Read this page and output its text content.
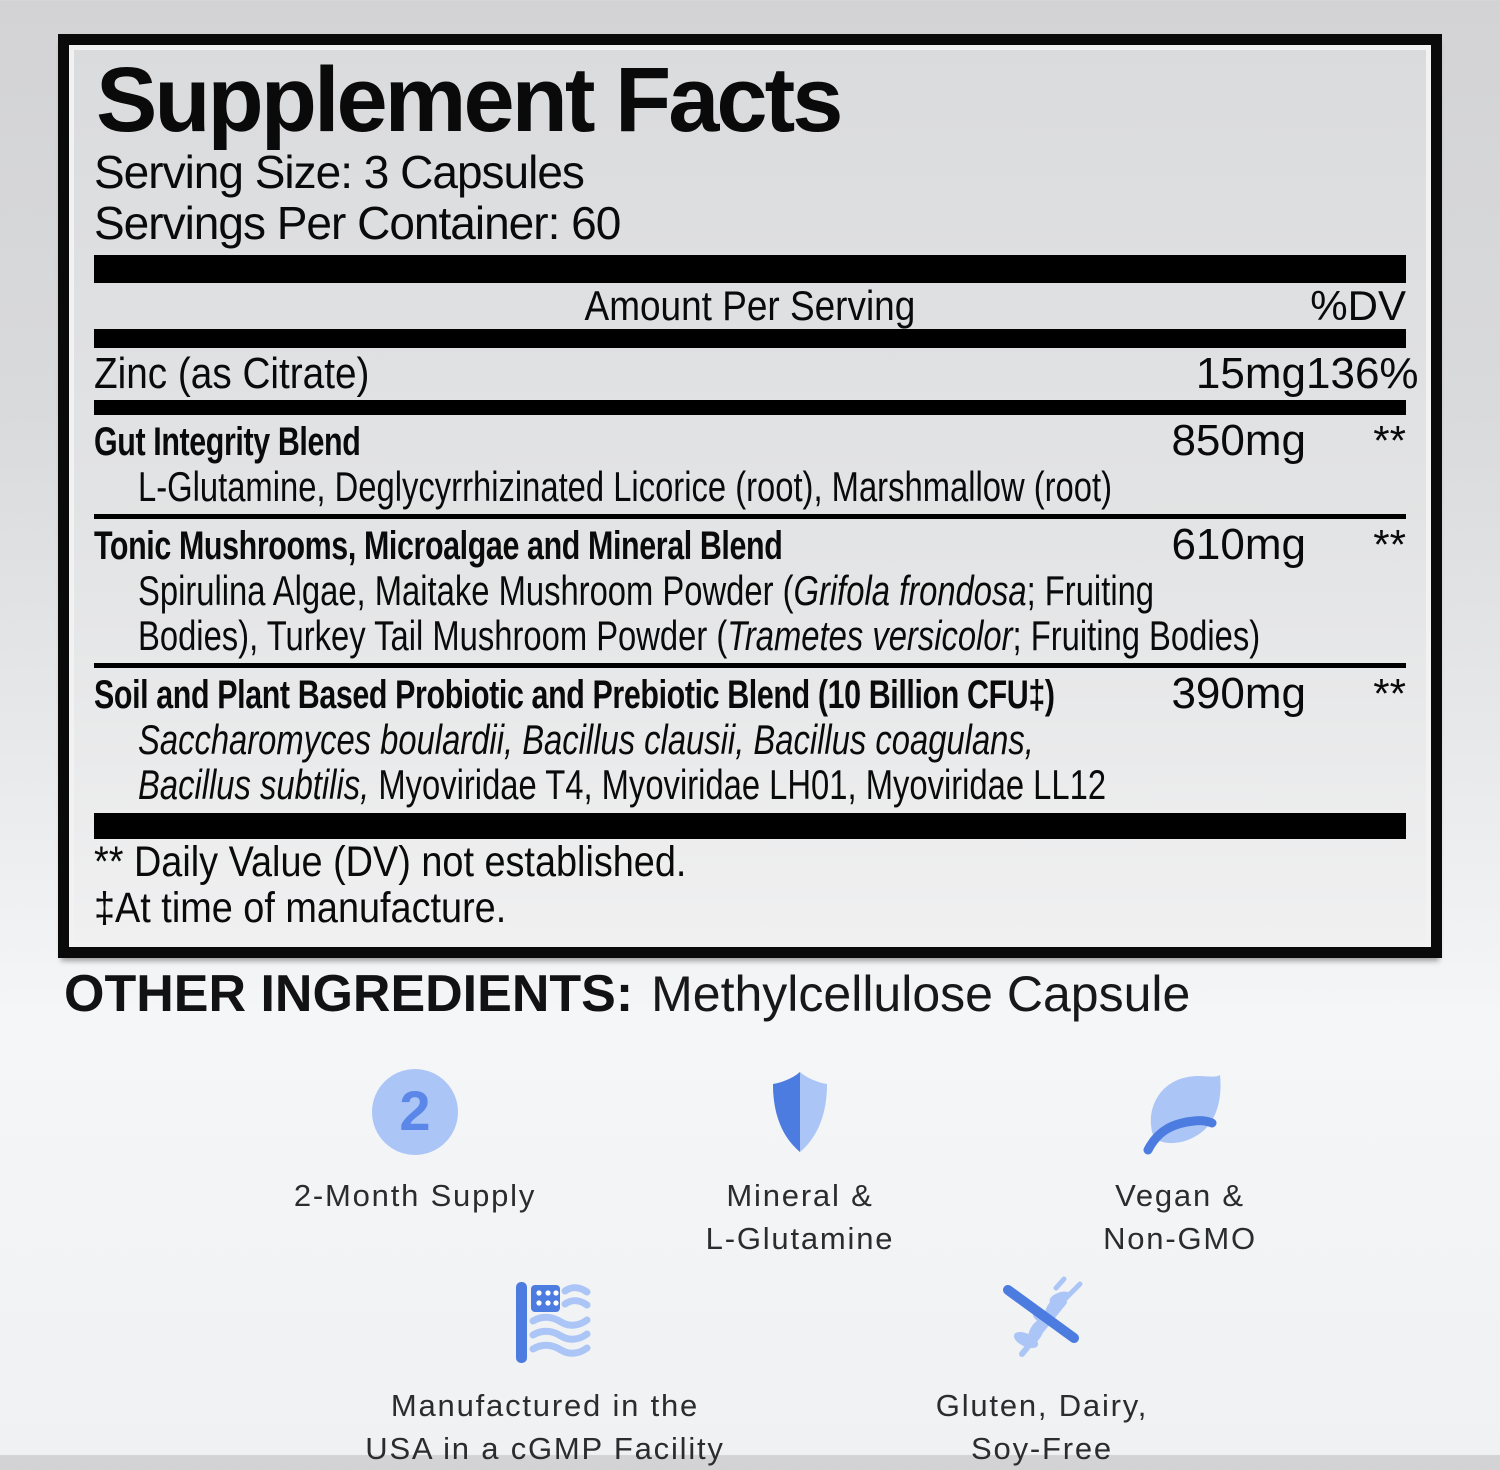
Supplement Facts
Serving Size: 3 Capsules
Servings Per Container: 60
Amount Per Serving	%DV
Zinc (as Citrate)	15mg 136%
Gut Integrity Blend	850mg	**
L-Glutamine, Deglycyrrhizinated Licorice (root), Marshmallow (root)
Tonic Mushrooms, Microalgae and Mineral Blend	610mg	**
Spirulina Algae, Maitake Mushroom Powder (Grifola frondosa; Fruiting
Bodies), Turkey Tail Mushroom Powder (Trametes versicolor; Fruiting Bodies)
Soil and Plant Based Probiotic and Prebiotic Blend (10 Billion CFU‡)	390mg	**
Saccharomyces boulardii, Bacillus clausii, Bacillus coagulans,
Bacillus subtilis, Myoviridae T4, Myoviridae LH01, Myoviridae LL12
** Daily Value (DV) not established.
‡At time of manufacture.
OTHER INGREDIENTS: Methylcellulose Capsule
2
2-Month Supply	Mineral &
L-Glutamine
Vegan &
Non-GMO
Manufactured in the
USA in a cGMP Facility
Gluten, Dairy,
Soy-Free
